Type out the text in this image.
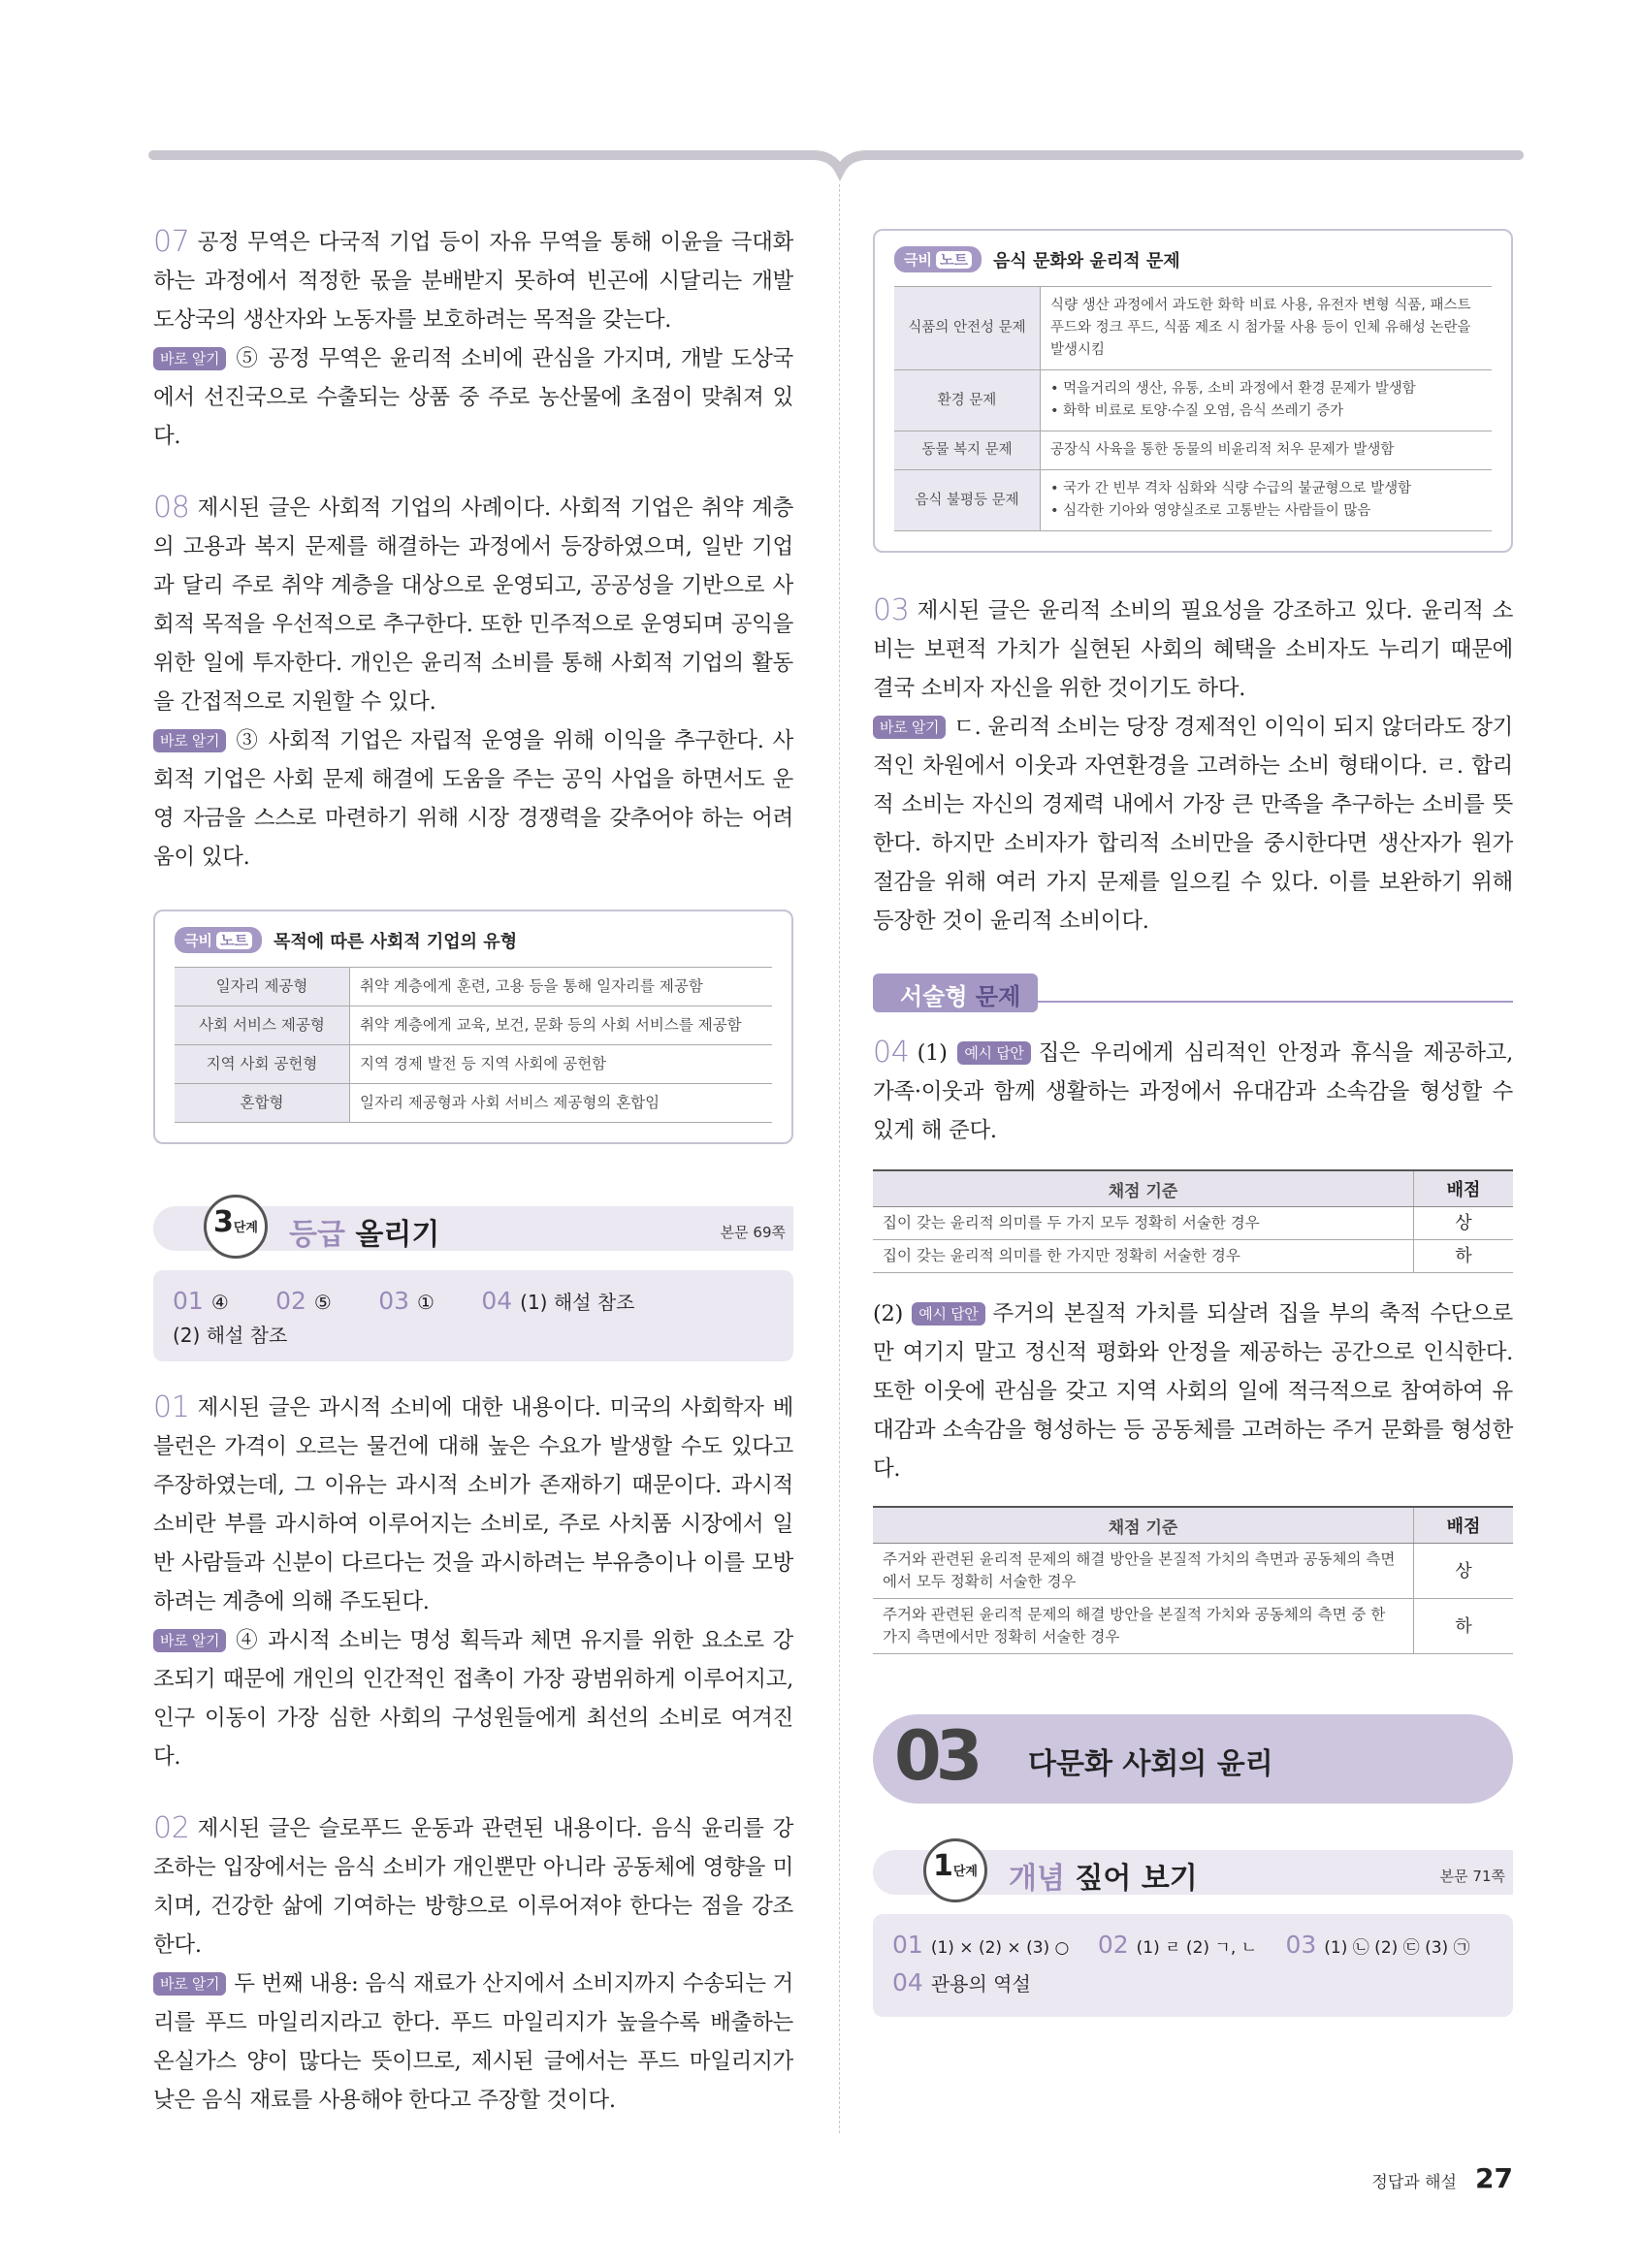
07 공정 무역은 다국적 기업 등이 자유 무역을 통해 이윤을 극대화하는 과정에서 적정한 몫을 분배받지 못하여 빈곤에 시달리는 개발 도상국의 생산자와 노동자를 보호하려는 목적을 갖는다.
바로 알기 ⑤ 공정 무역은 윤리적 소비에 관심을 가지며, 개발 도상국에서 선진국으로 수출되는 상품 중 주로 농산물에 초점이 맞춰져 있다.

08 제시된 글은 사회적 기업의 사례이다. 사회적 기업은 취약 계층의 고용과 복지 문제를 해결하는 과정에서 등장하였으며, 일반 기업과 달리 주로 취약 계층을 대상으로 운영되고, 공공성을 기반으로 사회적 목적을 우선적으로 추구한다. 또한 민주적으로 운영되며 공익을 위한 일에 투자한다. 개인은 윤리적 소비를 통해 사회적 기업의 활동을 간접적으로 지원할 수 있다.
바로 알기 ③ 사회적 기업은 자립적 운영을 위해 이익을 추구한다. 사회적 기업은 사회 문제 해결에 도움을 주는 공익 사업을 하면서도 운영 자금을 스스로 마련하기 위해 시장 경쟁력을 갖추어야 하는 어려움이 있다.

극비 노트	목적에 따른 사회적 기업의 유형
일자리 제공형	취약 계층에게 훈련, 고용 등을 통해 일자리를 제공함
사회 서비스 제공형	취약 계층에게 교육, 보건, 문화 등의 사회 서비스를 제공함
지역 사회 공헌형	지역 경제 발전 등 지역 사회에 공헌함
혼합형	일자리 제공형과 사회 서비스 제공형의 혼합임
3단계	등급 올리기	본문 69쪽
01 ④ 02 ⑤ 03 ① 04 (1) 해설 참조
(2) 해설 참조

01 제시된 글은 과시적 소비에 대한 내용이다. 미국의 사회학자 베블런은 가격이 오르는 물건에 대해 높은 수요가 발생할 수도 있다고 주장하였는데, 그 이유는 과시적 소비가 존재하기 때문이다. 과시적 소비란 부를 과시하여 이루어지는 소비로, 주로 사치품 시장에서 일반 사람들과 신분이 다르다는 것을 과시하려는 부유층이나 이를 모방하려는 계층에 의해 주도된다.
바로 알기 ④ 과시적 소비는 명성 획득과 체면 유지를 위한 요소로 강조되기 때문에 개인의 인간적인 접촉이 가장 광범위하게 이루어지고, 인구 이동이 가장 심한 사회의 구성원들에게 최선의 소비로 여겨진다.

02 제시된 글은 슬로푸드 운동과 관련된 내용이다. 음식 윤리를 강조하는 입장에서는 음식 소비가 개인뿐만 아니라 공동체에 영향을 미치며, 건강한 삶에 기여하는 방향으로 이루어져야 한다는 점을 강조한다.
바로 알기 두 번째 내용: 음식 재료가 산지에서 소비지까지 수송되는 거리를 푸드 마일리지라고 한다. 푸드 마일리지가 높을수록 배출하는 온실가스 양이 많다는 뜻이므로, 제시된 글에서는 푸드 마일리지가 낮은 음식 재료를 사용해야 한다고 주장할 것이다.

극비 노트	음식 문화와 윤리적 문제
식품의 안전성 문제	식량 생산 과정에서 과도한 화학 비료 사용, 유전자 변형 식품, 패스트푸드와 정크 푸드, 식품 제조 시 첨가물 사용 등이 인체 유해성 논란을 발생시킴
환경 문제	• 먹을거리의 생산, 유통, 소비 과정에서 환경 문제가 발생함
• 화학 비료로 토양·수질 오염, 음식 쓰레기 증가
동물 복지 문제	공장식 사육을 통한 동물의 비윤리적 처우 문제가 발생함
음식 불평등 문제	• 국가 간 빈부 격차 심화와 식량 수급의 불균형으로 발생함
• 심각한 기아와 영양실조로 고통받는 사람들이 많음

03 제시된 글은 윤리적 소비의 필요성을 강조하고 있다. 윤리적 소비는 보편적 가치가 실현된 사회의 혜택을 소비자도 누리기 때문에 결국 소비자 자신을 위한 것이기도 하다.
바로 알기 ㄷ. 윤리적 소비는 당장 경제적인 이익이 되지 않더라도 장기적인 차원에서 이웃과 자연환경을 고려하는 소비 형태이다. ㄹ. 합리적 소비는 자신의 경제력 내에서 가장 큰 만족을 추구하는 소비를 뜻한다. 하지만 소비자가 합리적 소비만을 중시한다면 생산자가 원가 절감을 위해 여러 가지 문제를 일으킬 수 있다. 이를 보완하기 위해 등장한 것이 윤리적 소비이다.

서술형 문제

04 (1) 예시 답안 집은 우리에게 심리적인 안정과 휴식을 제공하고, 가족·이웃과 함께 생활하는 과정에서 유대감과 소속감을 형성할 수 있게 해 준다.

채점 기준	배점
집이 갖는 윤리적 의미를 두 가지 모두 정확히 서술한 경우	상
집이 갖는 윤리적 의미를 한 가지만 정확히 서술한 경우	하

(2) 예시 답안 주거의 본질적 가치를 되살려 집을 부의 축적 수단으로만 여기지 말고 정신적 평화와 안정을 제공하는 공간으로 인식한다. 또한 이웃에 관심을 갖고 지역 사회의 일에 적극적으로 참여하여 유대감과 소속감을 형성하는 등 공동체를 고려하는 주거 문화를 형성한다.

채점 기준	배점
주거와 관련된 윤리적 문제의 해결 방안을 본질적 가치의 측면과 공동체의 측면에서 모두 정확히 서술한 경우	상
주거와 관련된 윤리적 문제의 해결 방안을 본질적 가치와 공동체의 측면 중 한 가지 측면에서만 정확히 서술한 경우	하
03 다문화 사회의 윤리
1단계	개념 짚어 보기	본문 71쪽
01 (1) × (2) × (3) ○ 02 (1) ㄹ (2) ㄱ, ㄴ 03 (1) ㉡ (2) ㉢ (3) ㉠
04 관용의 역설
정답과 해설 27
